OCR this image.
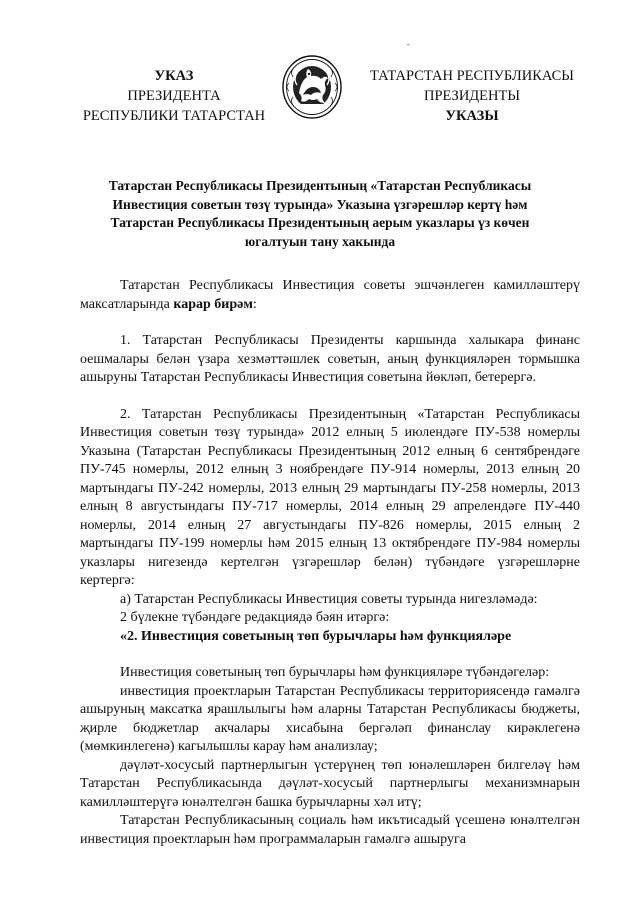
УКАЗ
ПРЕЗИДЕНТА
РЕСПУБЛИКИ ТАТАРСТАН
ТАТАРСТАН РЕСПУБЛИКАСЫ
ПРЕЗИДЕНТЫ
УКАЗЫ
Татарстан Республикасы Президентының «Татарстан Республикасы
Инвестиция советын төзү турында» Указына үзгәрешләр кертү һәм
Татарстан Республикасы Президентының аерым указлары үз көчен
югалтуын тану хакында

Татарстан Республикасы Инвестиция советы эшчәнлеген камилләштерү максатларында карар бирәм:

1. Татарстан Республикасы Президенты каршында халыкара финанс оешмалары белән үзара хезмәттәшлек советын, аның функцияләрен тормышка ашыруны Татарстан Республикасы Инвестиция советына йөкләп, бетерергә.

2. Татарстан Республикасы Президентының «Татарстан Республикасы Инвестиция советын төзү турында» 2012 елның 5 июлендәге ПУ-538 номерлы Указына (Татарстан Республикасы Президентының 2012 елның 6 сентябрендәге ПУ-745 номерлы, 2012 елның 3 ноябрендәге ПУ-914 номерлы, 2013 елның 20 мартындагы ПУ-242 номерлы, 2013 елның 29 мартындагы ПУ-258 номерлы, 2013 елның 8 августындагы ПУ-717 номерлы, 2014 елның 29 апрелендәге ПУ-440 номерлы, 2014 елның 27 августындагы ПУ-826 номерлы, 2015 елның 2 мартындагы ПУ-199 номерлы һәм 2015 елның 13 октябрендәге ПУ-984 номерлы указлары нигезендә кертелгән үзгәрешләр белән) түбәндәге үзгәрешләрне кертергә:

а) Татарстан Республикасы Инвестиция советы турында нигезләмәдә:

2 бүлекне түбәндәге редакциядә бәян итәргә:

«2. Инвестиция советының төп бурычлары һәм функцияләре

Инвестиция советының төп бурычлары һәм функцияләре түбәндәгеләр:

инвестиция проектларын Татарстан Республикасы территориясендә гамәлгә ашыруның максатка ярашлылыгы һәм аларны Татарстан Республикасы бюджеты, җирле бюджетлар акчалары хисабына бергәләп финанслау кирәклегенә (мөмкинлегенә) кагылышлы карау һәм анализлау;

дәүләт-хосусый партнерлыгын үстерүнең төп юнәлешләрен билгеләү һәм Татарстан Республикасында дәүләт-хосусый партнерлыгы механизмнарын камилләштерүгә юнәлтелгән башка бурычларны хәл итү;

Татарстан Республикасының социаль һәм икътисадый үсешенә юнәлтелгән инвестиция проектларын һәм программаларын гамәлгә ашыруга
